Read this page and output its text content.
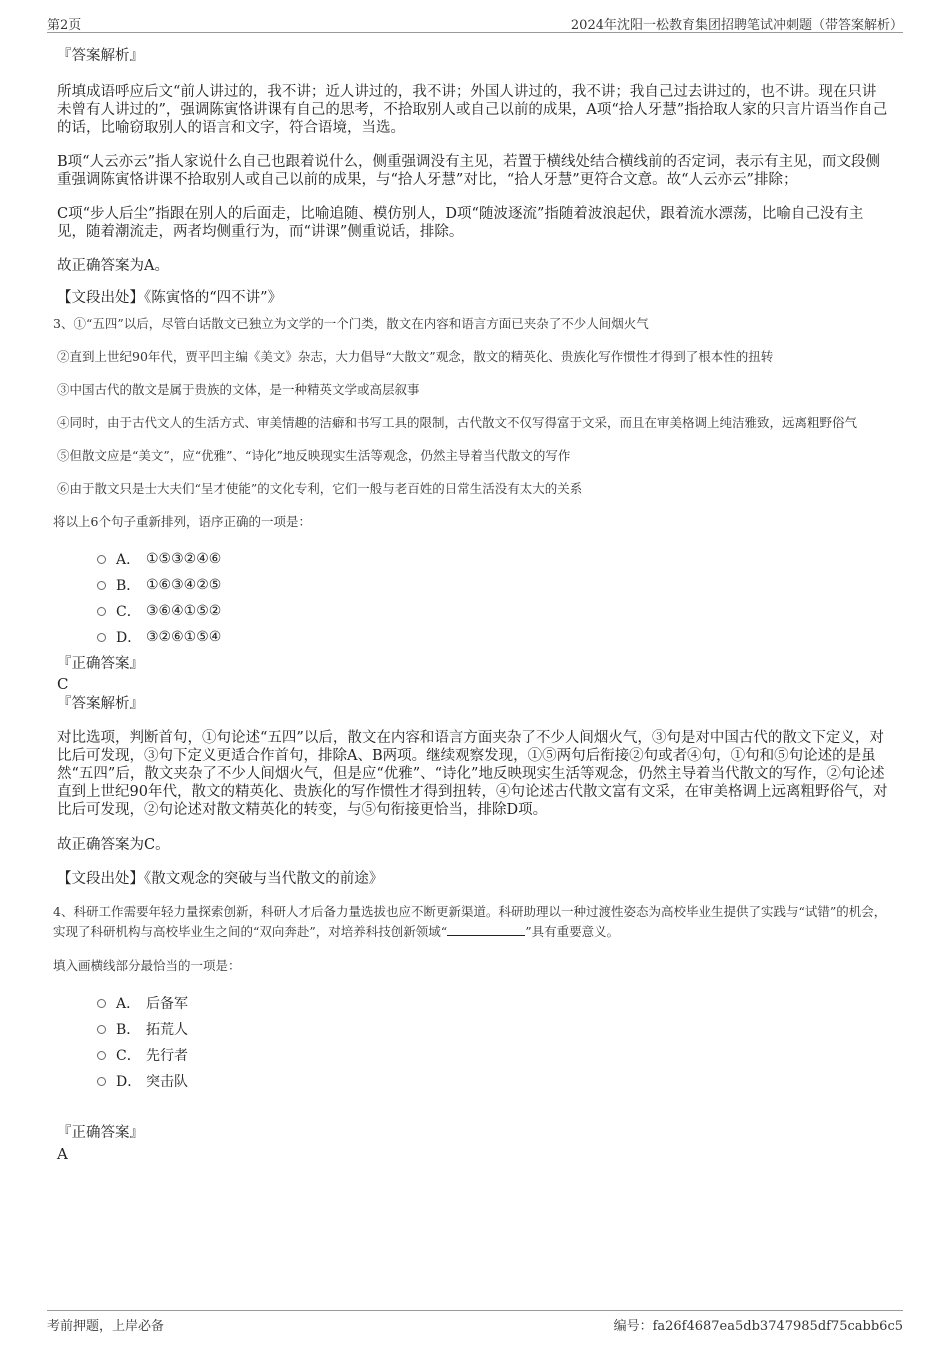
第2页	2024年沈阳一松教育集团招聘笔试冲刺题（带答案解析）

『答案解析』

所填成语呼应后文“前人讲过的，我不讲；近人讲过的，我不讲；外国人讲过的，我不讲；我自己过去讲过的，也不讲。现在只讲未曾有人讲过的”，强调陈寅恪讲课有自己的思考，不拾取别人或自己以前的成果，A项“拾人牙慧”指拾取人家的只言片语当作自己的话，比喻窃取别人的语言和文字，符合语境，当选。

B项“人云亦云”指人家说什么自己也跟着说什么，侧重强调没有主见，若置于横线处结合横线前的否定词，表示有主见，而文段侧重强调陈寅恪讲课不拾取别人或自己以前的成果，与“拾人牙慧”对比，“拾人牙慧”更符合文意。故“人云亦云”排除；

C项“步人后尘”指跟在别人的后面走，比喻追随、模仿别人，D项“随波逐流”指随着波浪起伏，跟着流水漂荡，比喻自己没有主见，随着潮流走，两者均侧重行为，而“讲课”侧重说话，排除。

故正确答案为A。

【文段出处】《陈寅恪的“四不讲”》

3、①“五四”以后，尽管白话散文已独立为文学的一个门类，散文在内容和语言方面已夹杂了不少人间烟火气

②直到上世纪90年代，贾平凹主编《美文》杂志，大力倡导“大散文”观念，散文的精英化、贵族化写作惯性才得到了根本性的扭转

③中国古代的散文是属于贵族的文体，是一种精英文学或高层叙事

④同时，由于古代文人的生活方式、审美情趣的洁癖和书写工具的限制，古代散文不仅写得富于文采，而且在审美格调上纯洁雅致，远离粗野俗气

⑤但散文应是“美文”，应“优雅”、“诗化”地反映现实生活等观念，仍然主导着当代散文的写作

⑥由于散文只是士大夫们“呈才使能”的文化专利，它们一般与老百姓的日常生活没有太大的关系

将以上6个句子重新排列，语序正确的一项是：

A． ①⑤③②④⑥
B． ①⑥③④②⑤
C． ③⑥④①⑤②
D． ③②⑥①⑤④

『正确答案』

C

『答案解析』

对比选项，判断首句，①句论述“五四”以后，散文在内容和语言方面夹杂了不少人间烟火气，③句是对中国古代的散文下定义，对比后可发现，③句下定义更适合作首句，排除A、B两项。继续观察发现，①⑤两句后衔接②句或者④句，①句和⑤句论述的是虽然“五四”后，散文夹杂了不少人间烟火气，但是应“优雅”、“诗化”地反映现实生活等观念，仍然主导着当代散文的写作，②句论述直到上世纪90年代，散文的精英化、贵族化的写作惯性才得到扭转，④句论述古代散文富有文采，在审美格调上远离粗野俗气，对比后可发现，②句论述对散文精英化的转变，与⑤句衔接更恰当，排除D项。

故正确答案为C。

【文段出处】《散文观念的突破与当代散文的前途》

4、科研工作需要年轻力量探索创新，科研人才后备力量选拔也应不断更新渠道。科研助理以一种过渡性姿态为高校毕业生提供了实践与“试错”的机会，实现了科研机构与高校毕业生之间的“双向奔赴”，对培养科技创新领域“	”具有重要意义。

填入画横线部分最恰当的一项是：

A． 后备军
B． 拓荒人
C． 先行者
D． 突击队

『正确答案』

A

考前押题，上岸必备	编号：fa26f4687ea5db3747985df75cabb6c5
